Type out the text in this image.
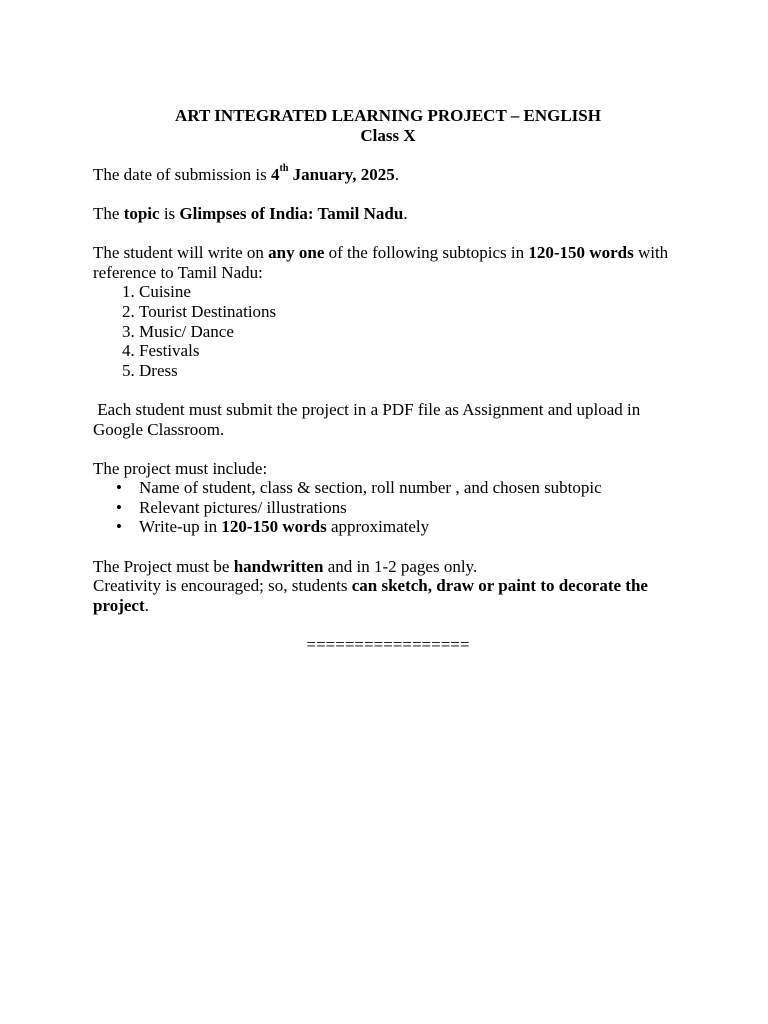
ART INTEGRATED LEARNING PROJECT – ENGLISH
Class X

The date of submission is 4th January, 2025.

The topic is Glimpses of India: Tamil Nadu.

The student will write on any one of the following subtopics in 120-150 words with reference to Tamil Nadu:

1. Cuisine
2. Tourist Destinations
3. Music/ Dance
4. Festivals
5. Dress

Each student must submit the project in a PDF file as Assignment and upload in Google Classroom.

The project must include:

• Name of student, class & section, roll number , and chosen subtopic
• Relevant pictures/ illustrations
• Write-up in 120-150 words approximately

The Project must be handwritten and in 1-2 pages only.

Creativity is encouraged; so, students can sketch, draw or paint to decorate the project.

=================
